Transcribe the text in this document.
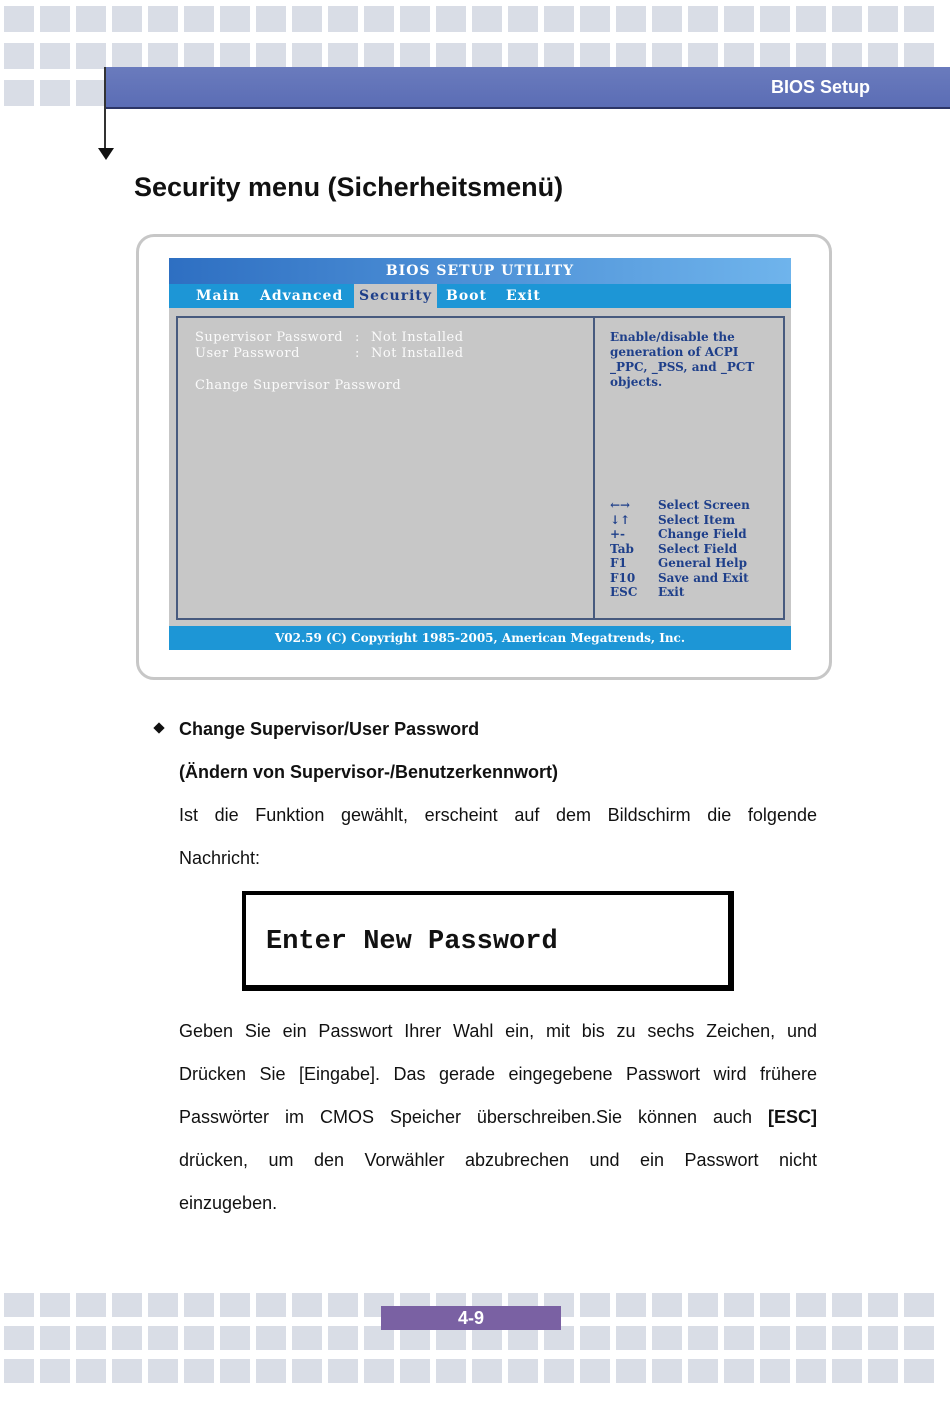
BIOS Setup
Security menu (Sicherheitsmenü)
BIOS SETUP UTILITY
Main Advanced	Security Boot Exit
Supervisor Password : Not Installed
User Password	: Not Installed
Change Supervisor Password
Enable/disable the generation of ACPI _PPC, _PSS, and _PCT objects.
←→ Select Screen
↓↑ Select Item
+-	Change Field
Tab Select Field
F1	General Help
F10 Save and Exit
ESC Exit
V02.59 (C) Copyright 1985-2005, American Megatrends, Inc.
Change Supervisor/User Password
(Ändern von Supervisor-/Benutzerkennwort)
Ist die Funktion gewählt, erscheint auf dem Bildschirm die folgende
Nachricht:
Enter New Password
Geben Sie ein Passwort Ihrer Wahl ein, mit bis zu sechs Zeichen, und
Drücken Sie [Eingabe]. Das gerade eingegebene Passwort wird frühere
Passwörter im CMOS Speicher überschreiben.Sie können auch [ESC]
drücken, um den Vorwähler abzubrechen und ein Passwort nicht
einzugeben.
4-9
